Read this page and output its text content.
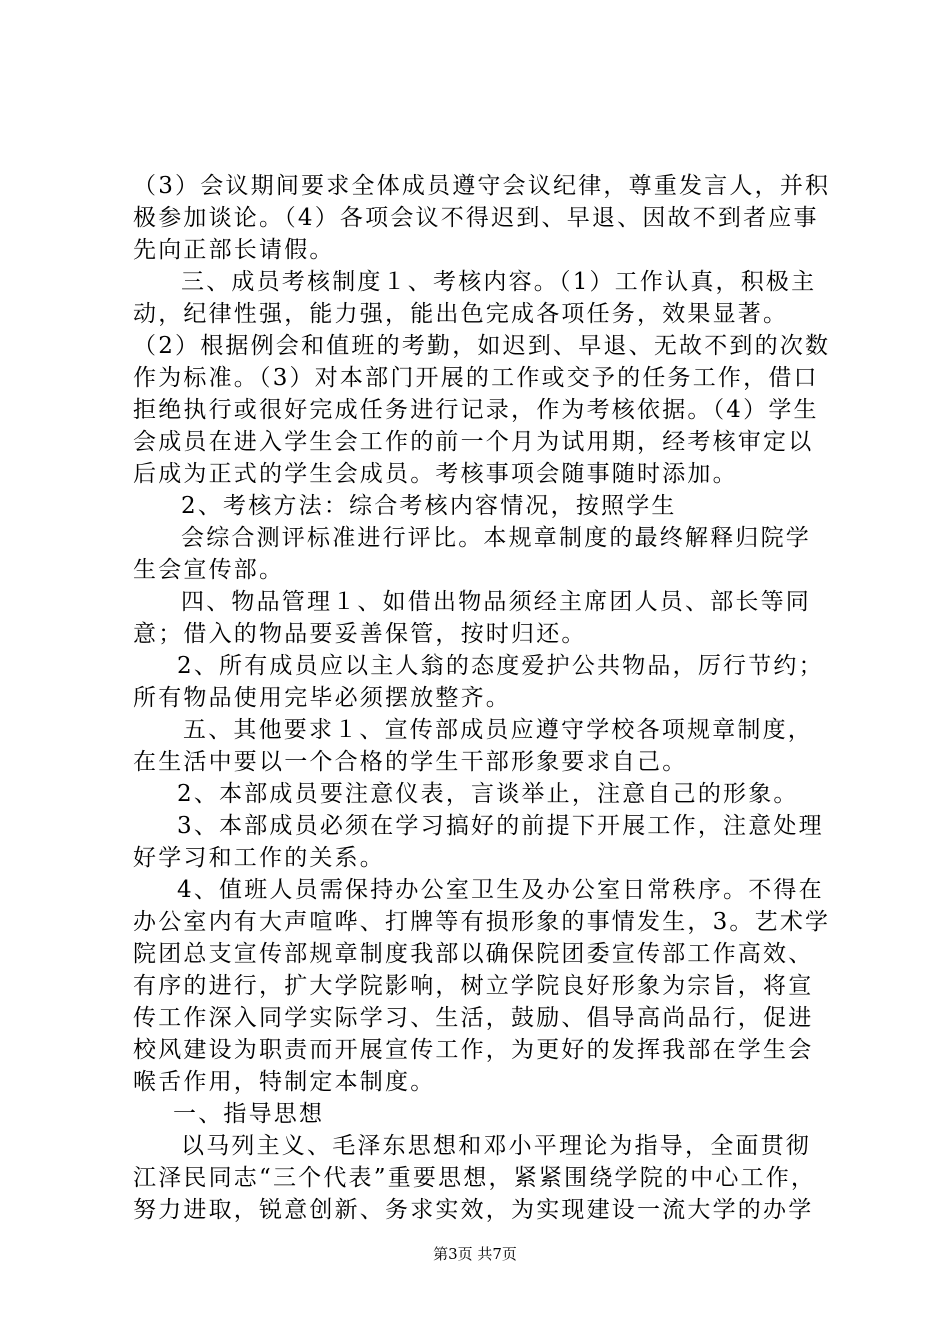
（3）会议期间要求全体成员遵守会议纪律，尊重发言人，并积
极参加谈论。（4）各项会议不得迟到、早退、因故不到者应事
先向正部长请假。
三、成员考核制度１、考核内容。（1）工作认真，积极主
动，纪律性强，能力强，能出色完成各项任务，效果显著。
（2）根据例会和值班的考勤，如迟到、早退、无故不到的次数
作为标准。（3）对本部门开展的工作或交予的任务工作，借口
拒绝执行或很好完成任务进行记录，作为考核依据。（4）学生
会成员在进入学生会工作的前一个月为试用期，经考核审定以
后成为正式的学生会成员。考核事项会随事随时添加。
2、考核方法：综合考核内容情况，按照学生
会综合测评标准进行评比。本规章制度的最终解释归院学
生会宣传部。
四、物品管理１、如借出物品须经主席团人员、部长等同
意；借入的物品要妥善保管，按时归还。
2、所有成员应以主人翁的态度爱护公共物品，厉行节约；
所有物品使用完毕必须摆放整齐。
五、其他要求１、宣传部成员应遵守学校各项规章制度，
在生活中要以一个合格的学生干部形象要求自己。
2、本部成员要注意仪表，言谈举止，注意自己的形象。
3、本部成员必须在学习搞好的前提下开展工作，注意处理
好学习和工作的关系。
4、值班人员需保持办公室卫生及办公室日常秩序。不得在
办公室内有大声喧哗、打牌等有损形象的事情发生，3。艺术学
院团总支宣传部规章制度我部以确保院团委宣传部工作高效、
有序的进行，扩大学院影响，树立学院良好形象为宗旨，将宣
传工作深入同学实际学习、生活，鼓励、倡导高尚品行，促进
校风建设为职责而开展宣传工作，为更好的发挥我部在学生会
喉舌作用，特制定本制度。
一、指导思想
以马列主义、毛泽东思想和邓小平理论为指导，全面贯彻
江泽民同志“三个代表”重要思想，紧紧围绕学院的中心工作，
努力进取，锐意创新、务求实效，为实现建设一流大学的办学
第3页 共7页
